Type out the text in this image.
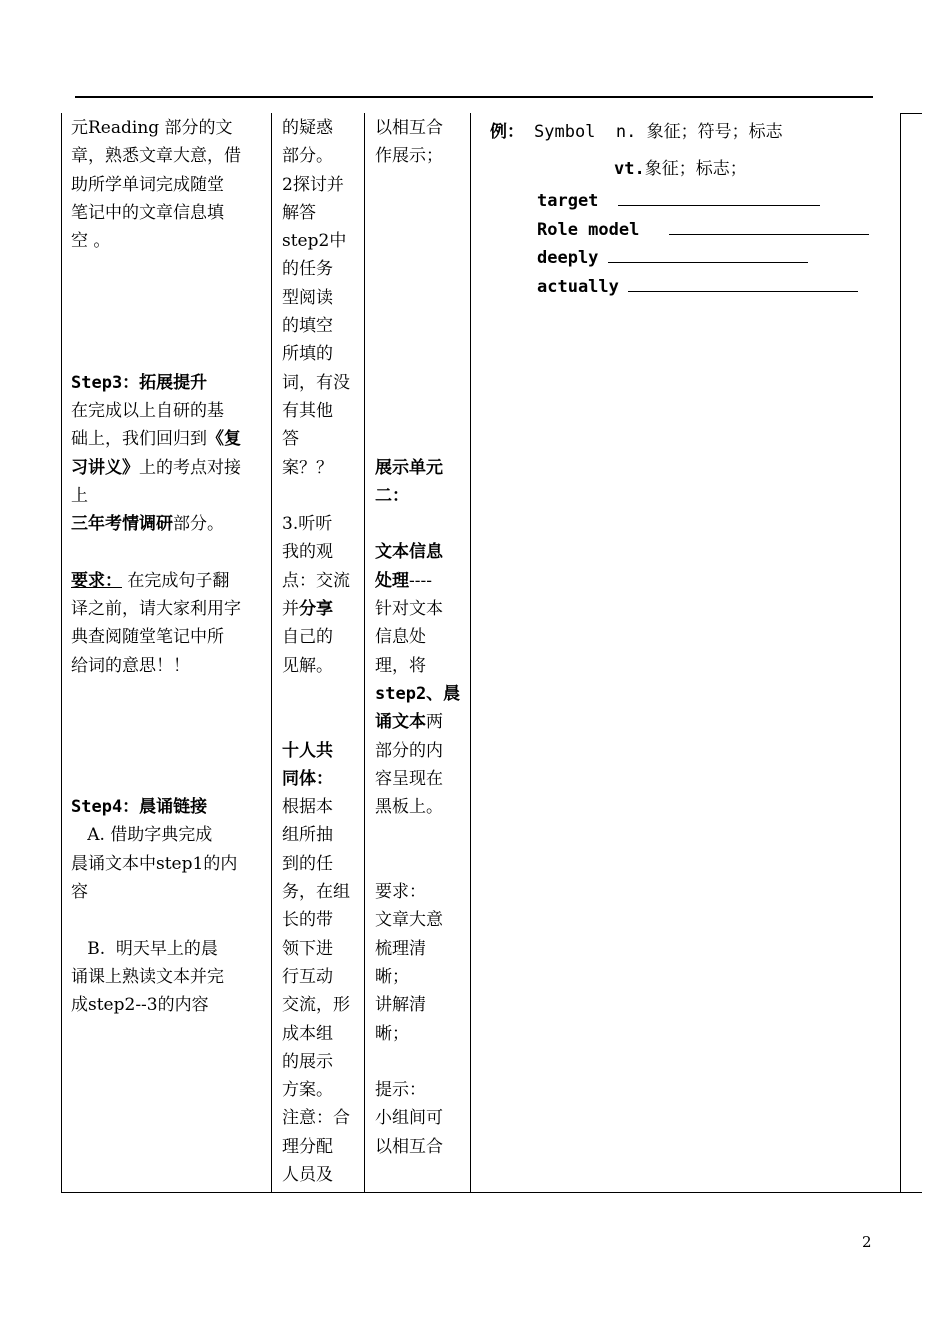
元Reading 部分的文
章，熟悉文章大意，借
助所学单词完成随堂
笔记中的文章信息填
空 。
Step3：拓展提升
在完成以上自研的基
础上，我们回归到《复
习讲义》上的考点对接
上
三年考情调研部分。
要求： 在完成句子翻
译之前，请大家利用字
典查阅随堂笔记中所
给词的意思！！
Step4：晨诵链接
A. 借助字典完成
晨诵文本中step1的内
容
B.  明天早上的晨
诵课上熟读文本并完
成step2--3的内容
的疑惑
部分。
2探讨并
解答
step2中
的任务
型阅读
的填空
所填的
词，有没
有其他
答
案？？
3.听听
我的观
点：交流
并分享
自己的
见解。
十人共
同体：
根据本
组所抽
到的任
务，在组
长的带
领下进
行互动
交流，形
成本组
的展示
方案。
注意：合
理分配
人员及
以相互合
作展示；
展示单元
二：
文本信息
处理----
针对文本
信息处
理，将
step2、晨
诵文本两
部分的内
容呈现在
黑板上。
要求：
文章大意
梳理清
晰；
讲解清
晰；
提示：
小组间可
以相互合
例： Symbol  n. 象征；符号；标志
vt.象征；标志；
target
Role model
deeply
actually
2
